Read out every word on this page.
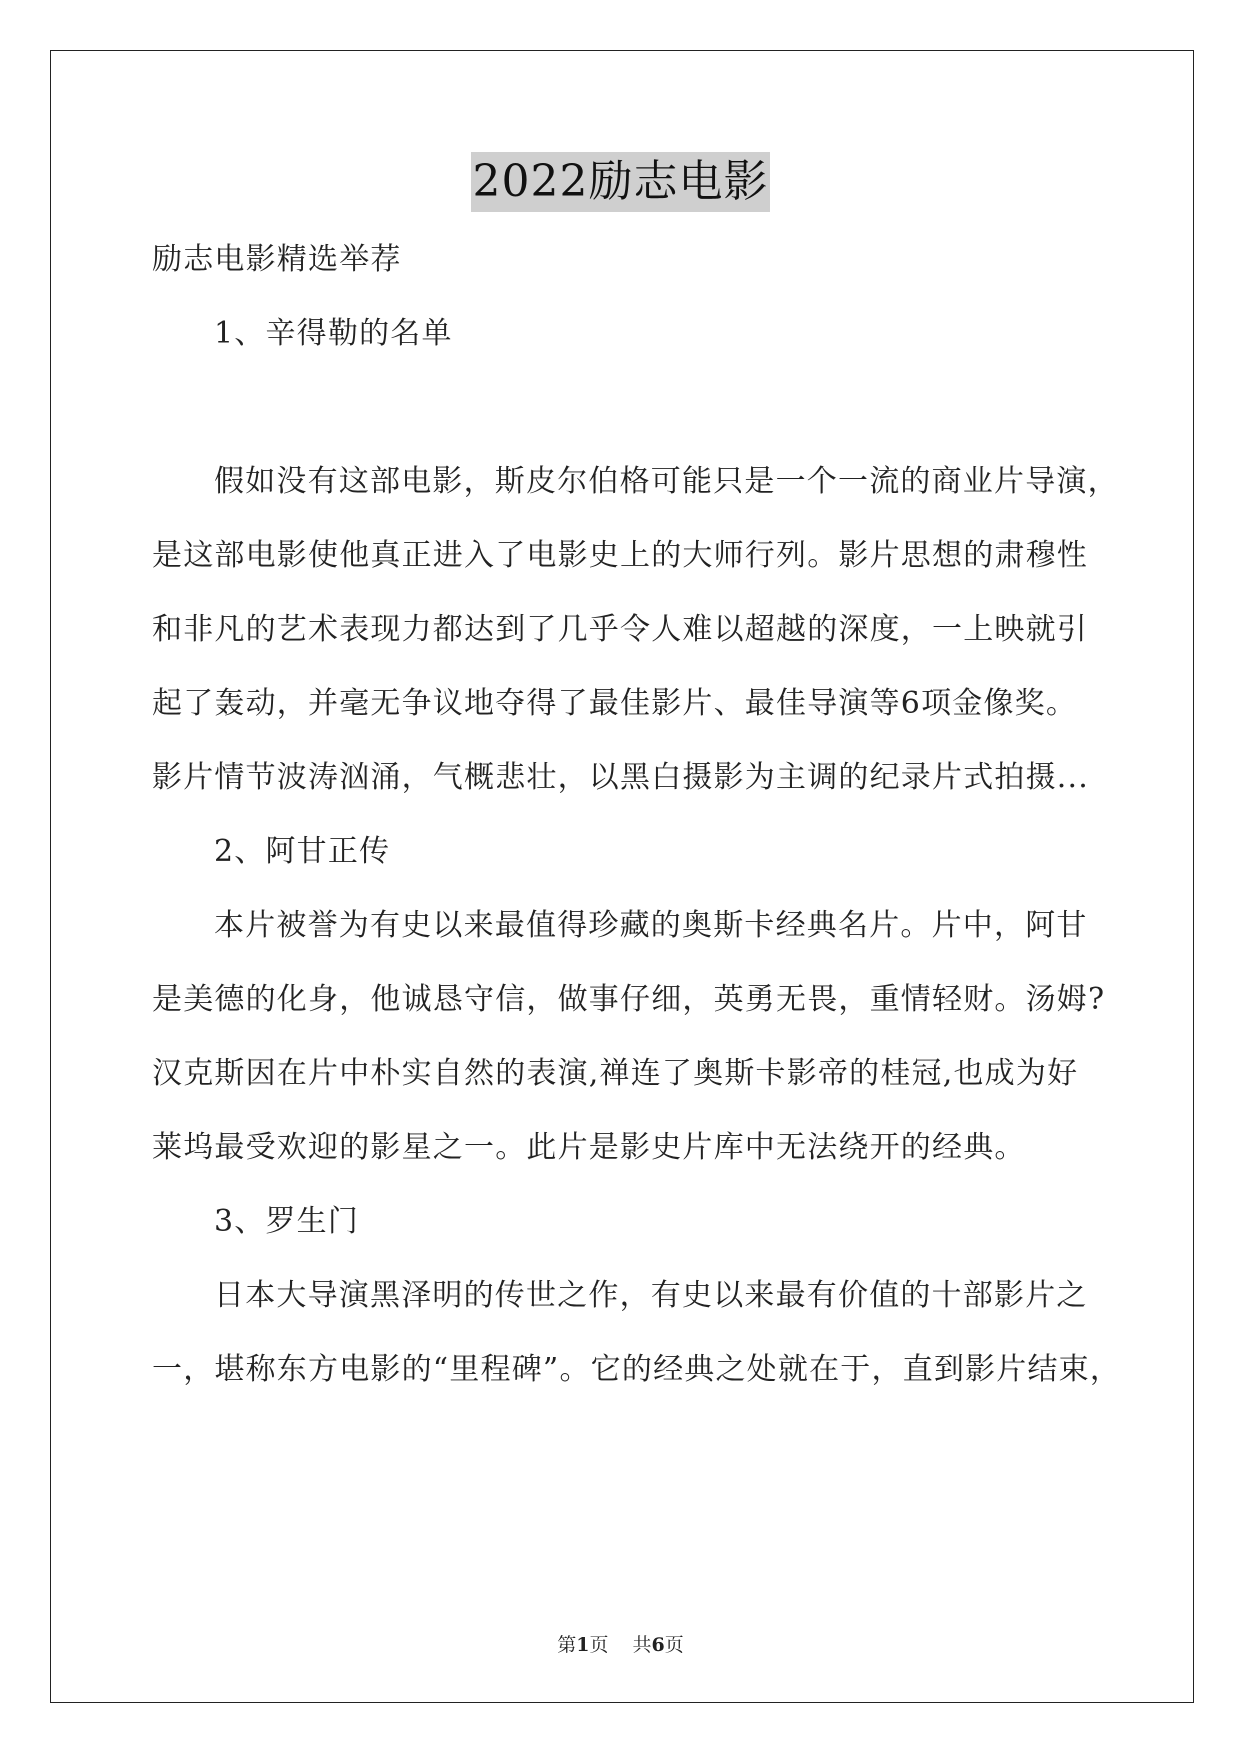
2022励志电影
励志电影精选举荐
1、辛得勒的名单
假如没有这部电影，斯皮尔伯格可能只是一个一流的商业片导演，
是这部电影使他真正进入了电影史上的大师行列。影片思想的肃穆性
和非凡的艺术表现力都达到了几乎令人难以超越的深度，一上映就引
起了轰动，并毫无争议地夺得了最佳影片、最佳导演等6项金像奖。
影片情节波涛汹涌，气概悲壮，以黑白摄影为主调的纪录片式拍摄...
2、阿甘正传
本片被誉为有史以来最值得珍藏的奥斯卡经典名片。片中，阿甘
是美德的化身，他诚恳守信，做事仔细，英勇无畏，重情轻财。汤姆?
汉克斯因在片中朴实自然的表演,禅连了奥斯卡影帝的桂冠,也成为好
莱坞最受欢迎的影星之一。此片是影史片库中无法绕开的经典。
3、罗生门
日本大导演黑泽明的传世之作，有史以来最有价值的十部影片之
一，堪称东方电影的“里程碑”。它的经典之处就在于，直到影片结束，
第1页 共6页
